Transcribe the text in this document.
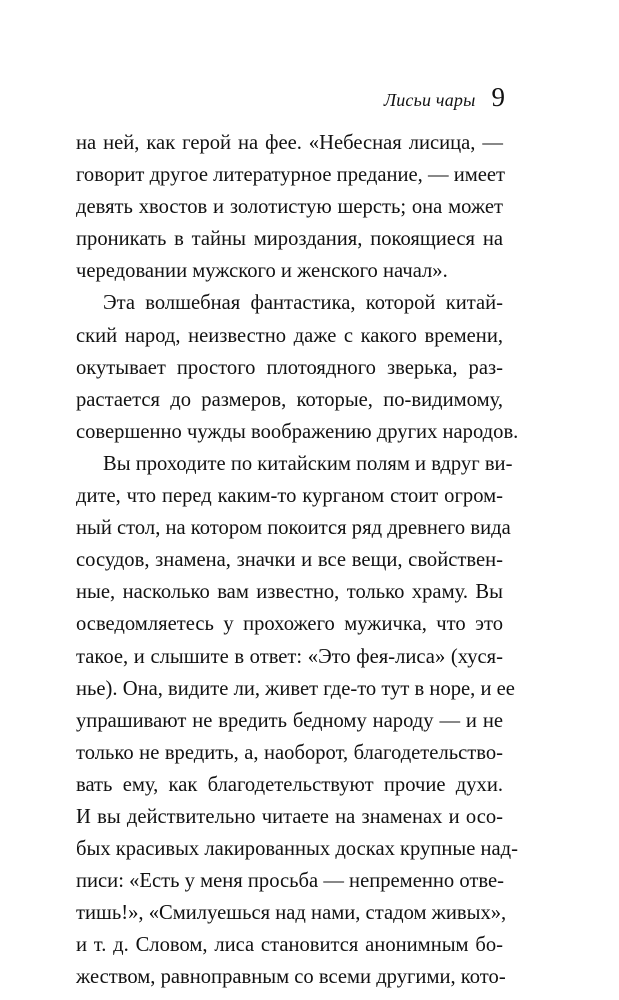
Лисьи чары 9
на ней, как герой на фее. «Небесная лисица, —
говорит другое литературное предание, — имеет
девять хвостов и золотистую шерсть; она может
проникать в тайны мироздания, покоящиеся на
чередовании мужского и женского начал».
Эта волшебная фантастика, которой китай-
ский народ, неизвестно даже с какого времени,
окутывает простого плотоядного зверька, раз-
растается до размеров, которые, по-видимому,
совершенно чужды воображению других народов.
Вы проходите по китайским полям и вдруг ви-
дите, что перед каким-то курганом стоит огром-
ный стол, на котором покоится ряд древнего вида
сосудов, знамена, значки и все вещи, свойствен-
ные, насколько вам известно, только храму. Вы
осведомляетесь у прохожего мужичка, что это
такое, и слышите в ответ: «Это фея-лиса» (хуся-
нье). Она, видите ли, живет где-то тут в норе, и ее
упрашивают не вредить бедному народу — и не
только не вредить, а, наоборот, благодетельство-
вать ему, как благодетельствуют прочие духи.
И вы действительно читаете на знаменах и осо-
бых красивых лакированных досках крупные над-
писи: «Есть у меня просьба — непременно отве-
тишь!», «Смилуешься над нами, стадом живых»,
и т. д. Словом, лиса становится анонимным бо-
жеством, равноправным со всеми другими, кото-
